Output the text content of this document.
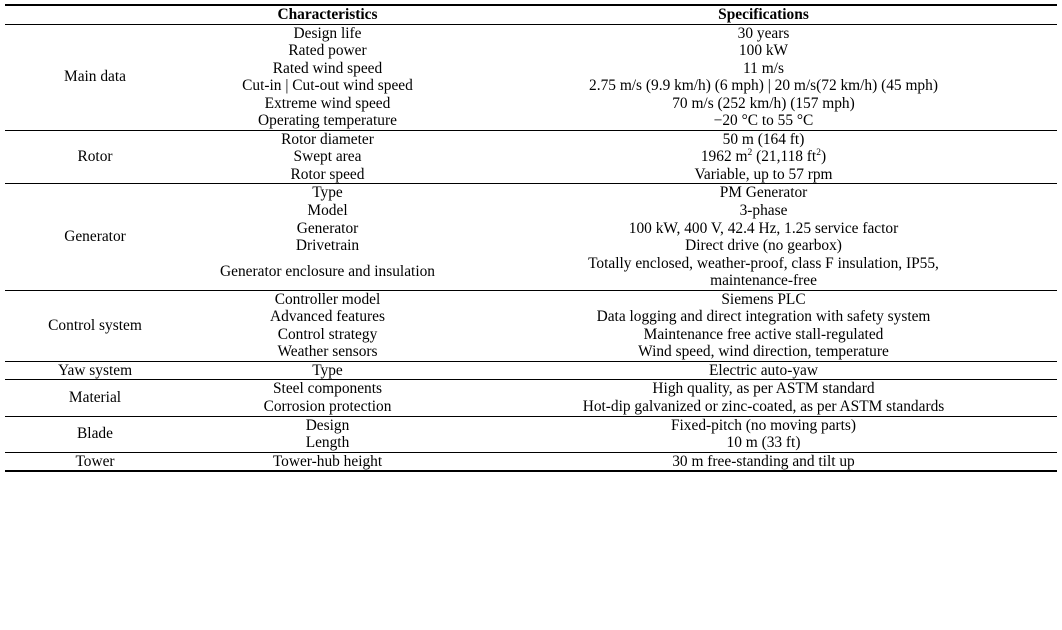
	Characteristics	Specifications
Main data	Design life	30 years
	Rated power	100 kW
	Rated wind speed	11 m/s
	Cut-in | Cut-out wind speed	2.75 m/s (9.9 km/h) (6 mph) | 20 m/s(72 km/h) (45 mph)
	Extreme wind speed	70 m/s (252 km/h) (157 mph)
	Operating temperature	−20 °C to 55 °C
Rotor	Rotor diameter	50 m (164 ft)
	Swept area	1962 $m^2$ (21,118 $ft^2$)
	Rotor speed	Variable, up to 57 rpm
Generator	Type	PM Generator
	Model	3-phase
	Generator	100 kW, 400 V, 42.4 Hz, 1.25 service factor
	Drivetrain	Direct drive (no gearbox)
	Generator enclosure and insulation	Totally enclosed, weather-proof, class F insulation, IP55,
maintenance-free

Control system	Controller model	Siemens PLC
	Advanced features	Data logging and direct integration with safety system
	Control strategy	Maintenance free active stall-regulated
	Weather sensors	Wind speed, wind direction, temperature
Yaw system	Type	Electric auto-yaw
Material	Steel components	High quality, as per ASTM standard
	Corrosion protection	Hot-dip galvanized or zinc-coated, as per ASTM standards
Blade	Design	Fixed-pitch (no moving parts)
	Length	10 m (33 ft)
Tower	Tower-hub height	30 m free-standing and tilt up
